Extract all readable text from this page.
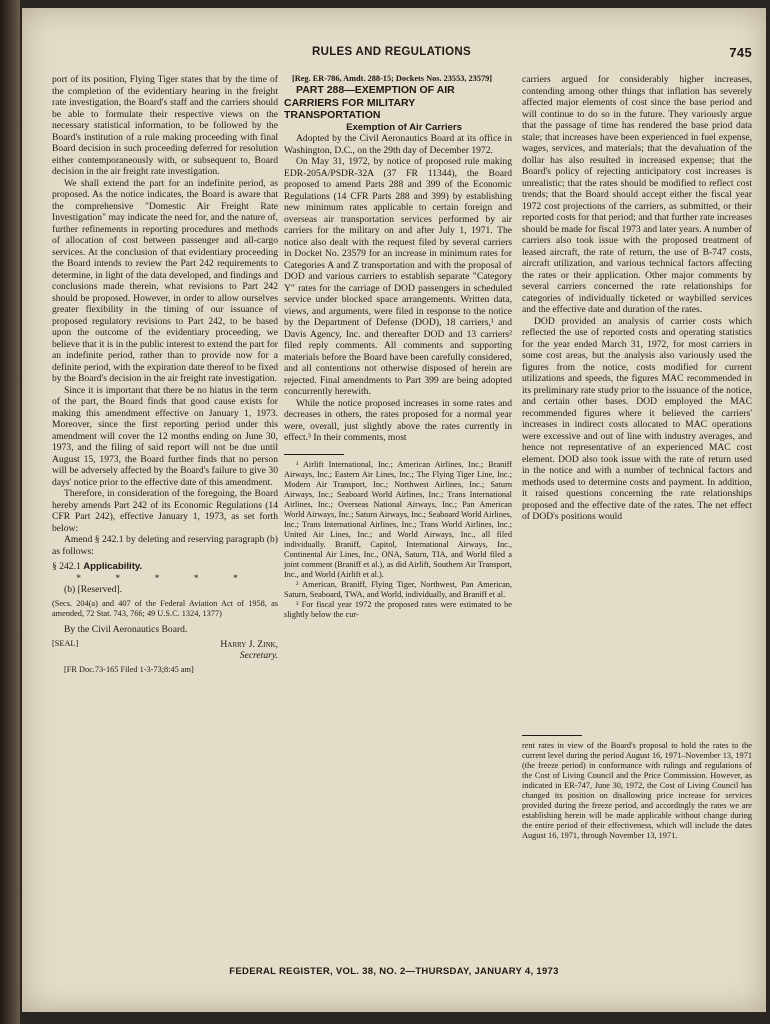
RULES AND REGULATIONS	745

port of its position, Flying Tiger states that by the time of the completion of the evidentiary hearing in the freight rate investigation, the Board's staff and the carriers should be able to formulate their respective views on the necessary statistical information, to be followed by the Board's institution of a rule making proceeding with final Board decision in such proceeding deferred for resolution either contemporaneously with, or subsequent to, Board decision in the air freight rate investigation.

We shall extend the part for an indefinite period, as proposed. As the notice indicates, the Board is aware that the comprehensive "Domestic Air Freight Rate Investigation" may indicate the need for, and the nature of, further refinements in reporting procedures and methods of allocation of cost between passenger and all-cargo services. At the conclusion of that evidentiary proceeding the Board intends to review the Part 242 requirements to determine, in light of the data developed, and findings and conclusions made therein, what revisions to Part 242 should be proposed. However, in order to allow ourselves greater flexibility in the timing of our issuance of proposed regulatory revisions to Part 242, to be based upon the outcome of the evidentiary proceeding, we believe that it is in the public interest to extend the part for an indefinite period, rather than to provide now for a definite period, with the expiration date thereof to be fixed by the Board's decision in the air freight rate investigation.

Since it is important that there be no hiatus in the term of the part, the Board finds that good cause exists for making this amendment effective on January 1, 1973. Moreover, since the first reporting period under this amendment will cover the 12 months ending on June 30, 1973, and the filing of said report will not be due until August 15, 1973, the Board further finds that no person will be adversely affected by the Board's failure to give 30 days' notice prior to the effective date of this amendment.

Therefore, in consideration of the foregoing, the Board hereby amends Part 242 of its Economic Regulations (14 CFR Part 242), effective January 1, 1973, as set forth below:

Amend § 242.1 by deleting and reserving paragraph (b) as follows:

§ 242.1 Applicability.

* * * * *

(b) [Reserved].

(Secs. 204(a) and 407 of the Federal Aviation Act of 1958, as amended, 72 Stat. 743, 766; 49 U.S.C. 1324, 1377)

By the Civil Aeronautics Board.

[SEAL]	Harry J. Zink,

Secretary.

[FR Doc.73-165 Filed 1-3-73;8:45 am]

[Reg. ER-786, Amdt. 288-15; Dockets Nos. 23553, 23579]

PART 288—EXEMPTION OF AIR CARRIERS FOR MILITARY TRANSPORTATION

Exemption of Air Carriers

Adopted by the Civil Aeronautics Board at its office in Washington, D.C., on the 29th day of December 1972.

On May 31, 1972, by notice of proposed rule making EDR-205A/PSDR-32A (37 FR 11344), the Board proposed to amend Parts 288 and 399 of the Economic Regulations (14 CFR Parts 288 and 399) by establishing new minimum rates applicable to certain foreign and overseas air transportation services performed by air carriers for the military on and after July 1, 1971. The notice also dealt with the request filed by several carriers in Docket No. 23579 for an increase in minimum rates for Categories A and Z transportation and with the proposal of DOD and various carriers to establish separate "Category Y" rates for the carriage of DOD passengers in scheduled service under blocked space arrangements. Written data, views, and arguments, were filed in response to the notice by the Department of Defense (DOD), 18 carriers,¹ and Davis Agency, Inc. and thereafter DOD and 13 carriers² filed reply comments. All comments and supporting materials before the Board have been carefully considered, and all contentions not otherwise disposed of herein are rejected. Final amendments to Part 399 are being adopted concurrently herewith.

While the notice proposed increases in some rates and decreases in others, the rates proposed for a normal year were, overall, just slightly above the rates currently in effect.³ In their comments, most

¹ Airlift International, Inc.; American Airlines, Inc.; Braniff Airways, Inc.; Eastern Air Lines, Inc.; The Flying Tiger Line, Inc.; Modern Air Transport, Inc.; Northwest Airlines, Inc.; Saturn Airways, Inc.; Seaboard World Airlines, Inc.; Trans International Airlines, Inc.; Overseas National Airways, Inc.; Pan American World Airways, Inc.; Saturn Airways, Inc.; Seaboard World Airlines, Inc.; Trans International Airlines, Inc.; Trans World Airlines, Inc.; United Air Lines, Inc.; and World Airways, Inc., all filed individually. Braniff, Capitol, International Airways, Inc., Continental Air Lines, Inc., ONA, Saturn, TIA, and World filed a joint comment (Braniff et al.), as did Airlift, Southern Air Transport, Inc., and World (Airlift et al.).

² American, Braniff, Flying Tiger, Northwest, Pan American, Saturn, Seaboard, TWA, and World, individually, and Braniff et al.

³ For fiscal year 1972 the proposed rates were estimated to be slightly below the cur-

carriers argued for considerably higher increases, contending among other things that inflation has severely affected major elements of cost since the base period and will continue to do so in the future. They variously argue that the passage of time has rendered the base priod data stale; that increases have been experienced in fuel expense, wages, services, and materials; that the devaluation of the dollar has also resulted in increased expense; that the Board's policy of rejecting anticipatory cost increases is unrealistic; that the rates should be modified to reflect cost trends; that the Board should accept either the fiscal year 1972 cost projections of the carriers, as submitted, or their reported costs for that period; and that further rate increases should be made for fiscal 1973 and later years. A number of carriers also took issue with the proposed treatment of leased aircraft, the rate of return, the use of B-747 costs, aircraft utilization, and various technical factors affecting the rates or their application. Other major comments by several carriers concerned the rate relationships for categories of individually ticketed or waybilled services and the effective date and duration of the rates.

DOD provided an analysis of carrier costs which reflected the use of reported costs and operating statistics for the year ended March 31, 1972, for most carriers in some cost areas, but the analysis also variously used the figures from the notice, costs modified for current utilizations and speeds, the figures MAC recommended in its preliminary rate study prior to the issuance of the notice, and certain other bases. DOD employed the MAC recommended figures where it believed the carriers' increases in indirect costs allocated to MAC operations were excessive and out of line with industry averages, and hence not representative of an experienced MAC cost element. DOD also took issue with the rate of return used in the notice and with a number of technical factors and methods used to determine costs and payment. In addition, it raised questions concerning the rate relationships proposed and the effective date of the rates. The net effect of DOD's positions would

rent rates in view of the Board's proposal to hold the rates to the current level during the period August 16, 1971–November 13, 1971 (the freeze period) in conformance with rulings and regulations of the Cost of Living Council and the Price Commission. However, as indicated in ER-747, June 30, 1972, the Cost of Living Council has changed its position on disallowing price increase for services provided during the freeze period, and accordingly the rates we are establishing herein will be made applicable without change during the entire period of their effectiveness, which will include the dates August 16, 1971, through November 13, 1971.

FEDERAL REGISTER, VOL. 38, NO. 2—THURSDAY, JANUARY 4, 1973
